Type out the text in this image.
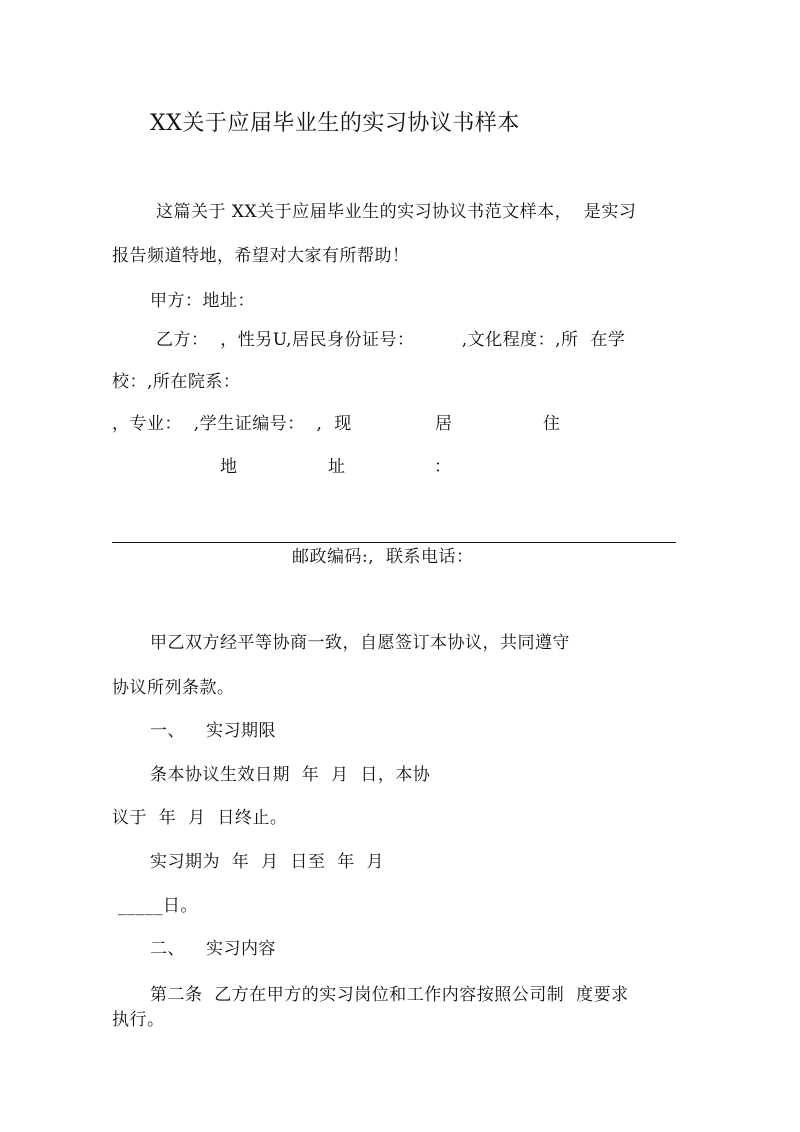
XX关于应届毕业生的实习协议书样本
这篇关于 XX关于应届毕业生的实习协议书范文样本，  是实习
报告频道特地，希望对大家有所帮助！
甲方：地址：
乙方：  ，性另U,居民身份证号：        ,文化程度：,所  在学
校：,所在院系：
，专业：  ,学生证编号：  ,  现	居	住
地	址	：
邮政编码:,  联系电话：
甲乙双方经平等协商一致，自愿签订本协议，共同遵守
协议所列条款。
一、 实习期限
条本协议生效日期  年  月  日，本协
议于  年  月  日终止。
实习期为  年  月  日至  年  月
_____日。
二、 实习内容
第二条  乙方在甲方的实习岗位和工作内容按照公司制  度要求
执行。
